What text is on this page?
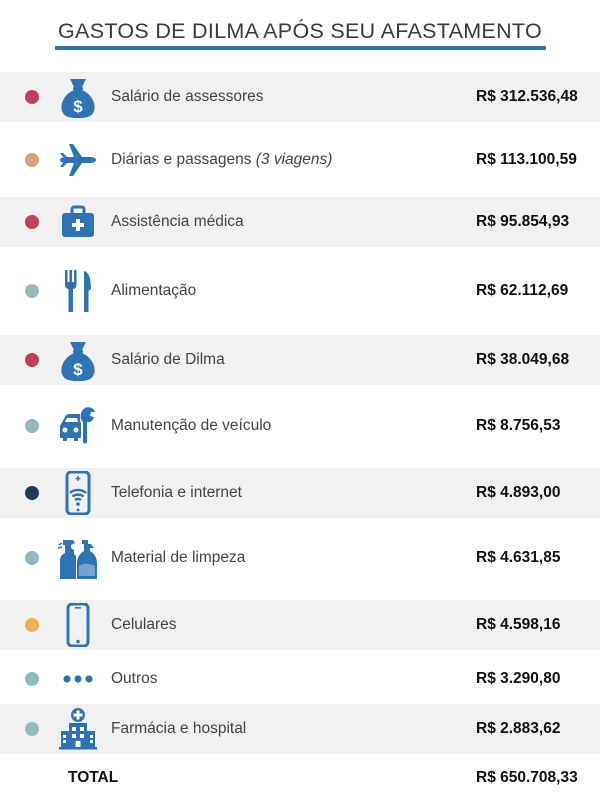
GASTOS DE DILMA APÓS SEU AFASTAMENTO
$
Salário de assessores	R$ 312.536,48
Diárias e passagens (3 viagens)	R$ 113.100,59
Assistência médica	R$ 95.854,93
Alimentação	R$ 62.112,69
$
Salário de Dilma	R$ 38.049,68
Manutenção de veículo	R$ 8.756,53
Telefonia e internet	R$ 4.893,00
Material de limpeza	R$ 4.631,85
Celulares	R$ 4.598,16
Outros	R$ 3.290,80
Farmácia e hospital	R$ 2.883,62
TOTAL	R$ 650.708,33
